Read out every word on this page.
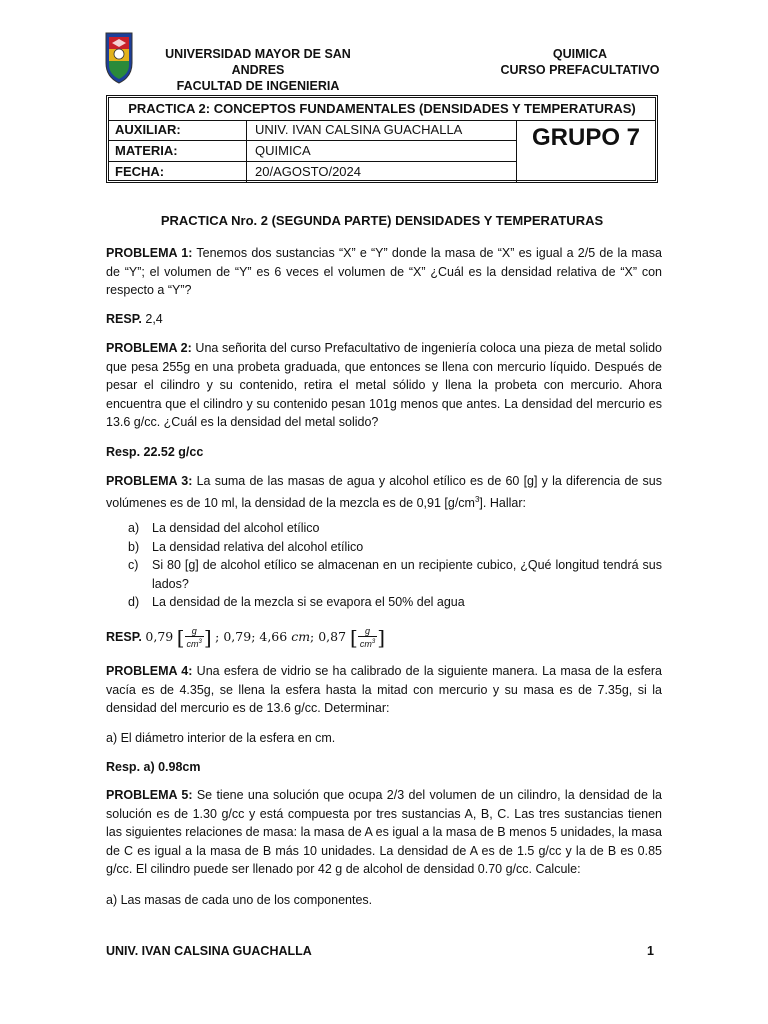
UNIVERSIDAD MAYOR DE SAN ANDRES
FACULTAD DE INGENIERIA
QUIMICA
CURSO PREFACULTATIVO
PRACTICA 2: CONCEPTOS FUNDAMENTALES (DENSIDADES Y TEMPERATURAS)
AUXILIAR:	UNIV. IVAN CALSINA GUACHALLA
MATERIA:	QUIMICA
FECHA:	20/AGOSTO/2024
GRUPO 7
PRACTICA Nro. 2 (SEGUNDA PARTE) DENSIDADES Y TEMPERATURAS
PROBLEMA 1: Tenemos dos sustancias “X” e “Y” donde la masa de “X” es igual a 2/5 de la masa de “Y”; el volumen de “Y” es 6 veces el volumen de “X” ¿Cuál es la densidad relativa de “X” con respecto a “Y”?
RESP. 2,4
PROBLEMA 2: Una señorita del curso Prefacultativo de ingeniería coloca una pieza de metal solido que pesa 255g en una probeta graduada, que entonces se llena con mercurio líquido. Después de pesar el cilindro y su contenido, retira el metal sólido y llena la probeta con mercurio. Ahora encuentra que el cilindro y su contenido pesan 101g menos que antes. La densidad del mercurio es 13.6 g/cc. ¿Cuál es la densidad del metal solido?
Resp. 22.52 g/cc
PROBLEMA 3: La suma de las masas de agua y alcohol etílico es de 60 [g] y la diferencia de sus volúmenes es de 10 ml, la densidad de la mezcla es de 0,91 $[g/cm^3]$. Hallar:
a) La densidad del alcohol etílico
b) La densidad relativa del alcohol etílico
c) Si 80 [g] de alcohol etílico se almacenan en un recipiente cubico, ¿Qué longitud tendrá sus lados?
d) La densidad de la mezcla si se evapora el 50% del agua
RESP. 0,79 [ $\frac{g}{cm^3}$ ] ; 0,79; 4,66 cm; 0,87 [ $\frac{g}{cm^3}$ ]
PROBLEMA 4: Una esfera de vidrio se ha calibrado de la siguiente manera. La masa de la esfera vacía es de 4.35g, se llena la esfera hasta la mitad con mercurio y su masa es de 7.35g, si la densidad del mercurio es de 13.6 g/cc. Determinar:
a) El diámetro interior de la esfera en cm.
Resp. a) 0.98cm
PROBLEMA 5: Se tiene una solución que ocupa 2/3 del volumen de un cilindro, la densidad de la solución es de 1.30 g/cc y está compuesta por tres sustancias A, B, C. Las tres sustancias tienen las siguientes relaciones de masa: la masa de A es igual a la masa de B menos 5 unidades, la masa de C es igual a la masa de B más 10 unidades. La densidad de A es de 1.5 g/cc y la de B es 0.85 g/cc. El cilindro puede ser llenado por 42 g de alcohol de densidad 0.70 g/cc. Calcule:
a) Las masas de cada uno de los componentes.
UNIV. IVAN CALSINA GUACHALLA	1
